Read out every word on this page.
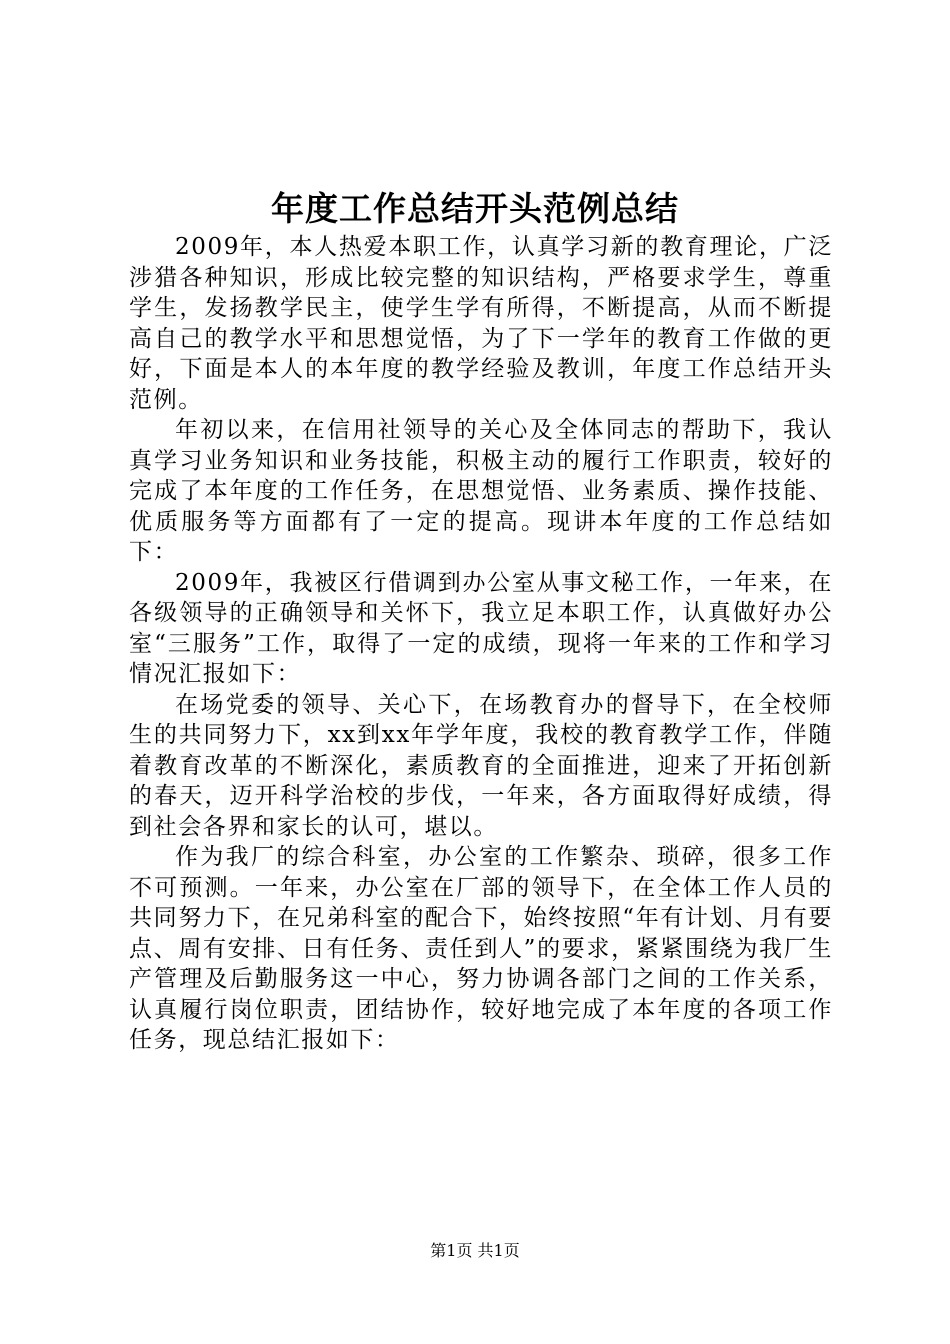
年度工作总结开头范例总结

2009年，本人热爱本职工作，认真学习新的教育理论，广泛涉猎各种知识，形成比较完整的知识结构，严格要求学生，尊重学生，发扬教学民主，使学生学有所得，不断提高，从而不断提高自己的教学水平和思想觉悟，为了下一学年的教育工作做的更好，下面是本人的本年度的教学经验及教训，年度工作总结开头范例。

年初以来，在信用社领导的关心及全体同志的帮助下，我认真学习业务知识和业务技能，积极主动的履行工作职责，较好的完成了本年度的工作任务，在思想觉悟、业务素质、操作技能、优质服务等方面都有了一定的提高。现讲本年度的工作总结如下：

2009年，我被区行借调到办公室从事文秘工作，一年来，在各级领导的正确领导和关怀下，我立足本职工作，认真做好办公室“三服务”工作，取得了一定的成绩，现将一年来的工作和学习情况汇报如下：

在场党委的领导、关心下，在场教育办的督导下，在全校师生的共同努力下，xx到xx年学年度，我校的教育教学工作，伴随着教育改革的不断深化，素质教育的全面推进，迎来了开拓创新的春天，迈开科学治校的步伐，一年来，各方面取得好成绩，得到社会各界和家长的认可，堪以。

作为我厂的综合科室，办公室的工作繁杂、琐碎，很多工作不可预测。一年来，办公室在厂部的领导下，在全体工作人员的共同努力下，在兄弟科室的配合下，始终按照“年有计划、月有要点、周有安排、日有任务、责任到人”的要求，紧紧围绕为我厂生产管理及后勤服务这一中心，努力协调各部门之间的工作关系，认真履行岗位职责，团结协作，较好地完成了本年度的各项工作任务，现总结汇报如下：

第1页 共1页
